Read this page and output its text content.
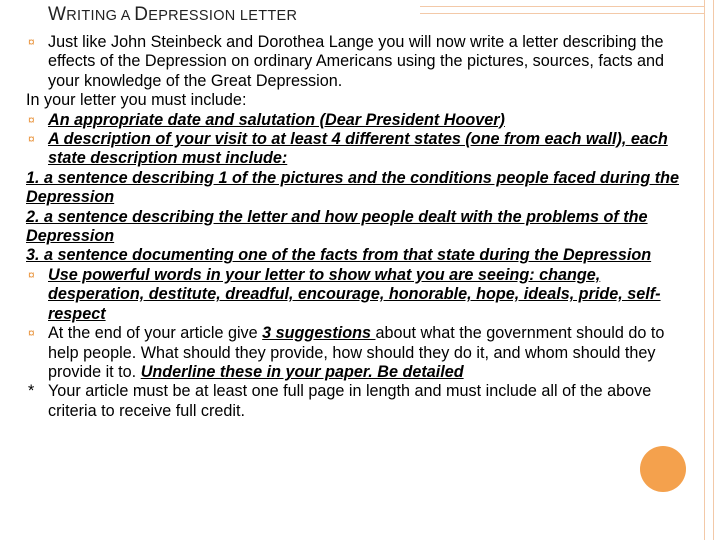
WRITING A DEPRESSION LETTER

¤ Just like John Steinbeck and Dorothea Lange you will now write a letter describing the effects of the Depression on ordinary Americans using the pictures, sources, facts and your knowledge of the Great Depression.

In your letter you must include:

¤ An appropriate date and salutation (Dear President Hoover)

¤ A description of your visit to at least 4 different states (one from each wall), each state description must include:

1. a sentence describing 1 of the pictures and the conditions people faced during the Depression

2. a sentence describing the letter and how people dealt with the problems of the Depression

3. a sentence documenting one of the facts from that state during the Depression

¤ Use powerful words in your letter to show what you are seeing: change, desperation, destitute, dreadful, encourage, honorable, hope, ideals, pride, self-respect

¤ At the end of your article give 3 suggestions about what the government should do to help people. What should they provide, how should they do it, and whom should they provide it to. Underline these in your paper. Be detailed

* Your article must be at least one full page in length and must include all of the above criteria to receive full credit.
